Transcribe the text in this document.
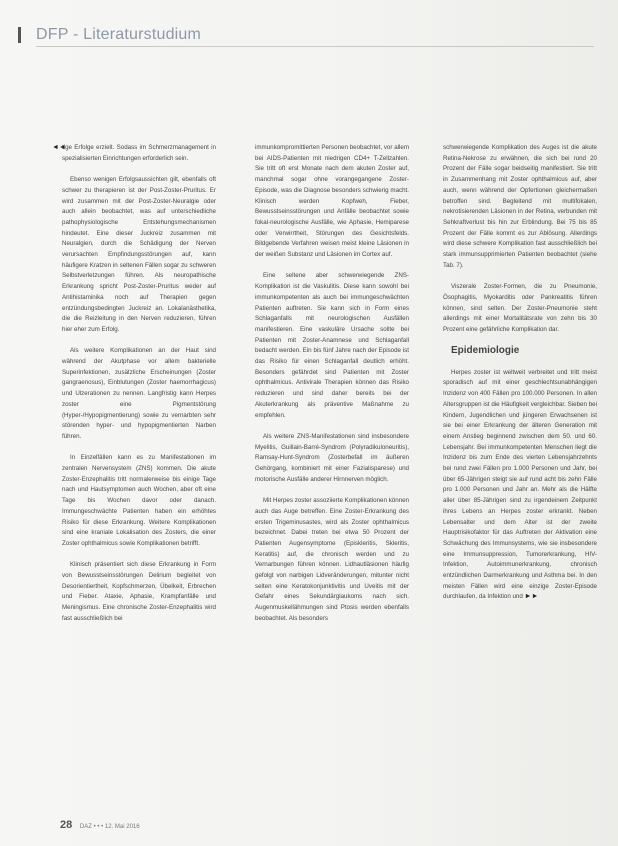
DFP - Literaturstudium
◄◄

tige Erfolge erzielt. Sodass im Schmerzmanagement in spezialisierten Einrichtungen erforderlich sein.

Ebenso wenigen Erfolgsaussichten gilt, ebenfalls oft schwer zu therapieren ist der Post-Zoster-Pruritus. Er wird zusammen mit der Post-Zoster-Neuralgie oder auch allein beobachtet, was auf unterschiedliche pathophysiologische Entstehungsmechanismen hindeutet. Eine dieser Juckreiz zusammen mit Neuralgien, durch die Schädigung der Nerven verursachten Empfindungsstörungen auf, kann häufigere Kratzen in seltenen Fällen sogar zu schweren Selbstverletzungen führen. Als neuropathische Erkrankung spricht Post-Zoster-Pruritus weder auf Antihistaminika noch auf Therapien gegen entzündungsbedingten Juckreiz an. Lokalanästhetika, die die Reizleitung in den Nerven reduzieren, führen hier eher zum Erfolg.

Als weitere Komplikationen an der Haut sind während der Akutphase vor allem bakterielle Superinfektionen, zusätzliche Erscheinungen (Zoster gangraenosus), Einblutungen (Zoster haemorrhagicus) und Ulzerationen zu nennen. Langfristig kann Herpes zoster eine Pigmentstörung (Hyper-/Hypopigmentierung) sowie zu vernarbten sehr störenden hyper- und hypopigmentierten Narben führen.

In Einzelfällen kann es zu Manifestationen im zentralen Nervensystem (ZNS) kommen. Die akute Zoster-Enzephalitis tritt normalerweise bis einige Tage nach und Hautsymptomen auch Wochen, aber oft eine Tage bis Wochen davor oder danach. Immungeschwächte Patienten haben ein erhöhtes Risiko für diese Erkrankung. Weitere Komplikationen sind eine kraniale Lokalisation des Zosters, die einer Zoster ophthalmicus sowie Komplikationen betrifft.

Klinisch präsentiert sich diese Erkrankung in Form von Bewusstseinsstörungen Delirium begleitet von Desorientiertheit, Kopfschmerzen, Übelkeit, Erbrechen und Fieber. Ataxie, Aphasie, Krampfanfälle und Meningismus. Eine chronische Zoster-Enzephalitis wird fast ausschließlich bei

immunkompromittierten Personen beobachtet, vor allem bei AIDS-Patienten mit niedrigen CD4+ T-Zellzahlen. Sie tritt oft erst Monate nach dem akuten Zoster auf, manchmal sogar ohne vorangegangene Zoster-Episode, was die Diagnose besonders schwierig macht. Klinisch werden Kopfweh, Fieber, Bewusstseinsstörungen und Anfälle beobachtet sowie fokal-neurologische Ausfälle, wie Aphasie, Hemiparese oder Verwirrtheit, Störungen des Gesichtsfelds. Bildgebende Verfahren weisen meist kleine Läsionen in der weißen Substanz und Läsionen im Cortex auf.

Eine seltene aber schwerwiegende ZNS-Komplikation ist die Vaskulitis. Diese kann sowohl bei immunkompetenten als auch bei immungeschwächten Patienten auftreten. Sie kann sich in Form eines Schlaganfalls mit neurologischen Ausfällen manifestieren. Eine vaskuläre Ursache sollte bei Patienten mit Zoster-Anamnese und Schlaganfall bedacht werden. Ein bis fünf Jahre nach der Episode ist das Risiko für einen Schlaganfall deutlich erhöht. Besonders gefährdet sind Patienten mit Zoster ophthalmicus. Antivirale Therapien können das Risiko reduzieren und sind daher bereits bei der Akuterkrankung als präventive Maßnahme zu empfehlen.

Als weitere ZNS-Manifestationen sind insbesondere Myelitis, Guillain-Barré-Syndrom (Polyradikuloneuritis), Ramsay-Hunt-Syndrom (Zosterbefall im äußeren Gehörgang, kombiniert mit einer Fazialisparese) und motorische Ausfälle anderer Hirnnerven möglich.

Mit Herpes zoster assoziierte Komplikationen können auch das Auge betreffen. Eine Zoster-Erkrankung des ersten Trigeminusastes, wird als Zoster ophthalmicus bezeichnet. Dabei treten bei etwa 50 Prozent der Patienten Augensymptome (Episkleritis, Skleritis, Keratitis) auf, die chronisch werden und zu Vernarbungen führen können. Lidhautläsionen häufig gefolgt von narbigen Lidveränderungen, mitunter nicht selten eine Keratokonjunktivitis und Uveitis mit der Gefahr eines Sekundärglaukoms nach sich. Augenmuskellähmungen sind Ptosis werden ebenfalls beobachtet. Als besonders

schwerwiegende Komplikation des Auges ist die akute Retina-Nekrose zu erwähnen, die sich bei rund 20 Prozent der Fälle sogar beidseitig manifestiert. Sie tritt in Zusammenhang mit Zoster ophthalmicus auf, aber auch, wenn während der Opfertionen gleichermaßen betroffen sind. Begleitend mit multifokalen, nekrotisierenden Läsionen in der Retina, verbunden mit Sehkraftverlust bis hin zur Erblindung. Bei 75 bis 85 Prozent der Fälle kommt es zur Ablösung. Allerdings wird diese schwere Komplikation fast ausschließlich bei stark immunsupprimierten Patienten beobachtet (siehe Tab. 7).

Viszerale Zoster-Formen, die zu Pneumonie, Ösophagitis, Myokarditis oder Pankreatitis führen können, sind selten. Der Zoster-Pneumonie steht allerdings mit einer Mortalitätsrate von zehn bis 30 Prozent eine gefährliche Komplikation dar.

Epidemiologie

Herpes zoster ist weltweit verbreitet und tritt meist sporadisch auf mit einer geschlechtsunabhängigen Inzidenz von 400 Fällen pro 100.000 Personen. In allen Altersgruppen ist die Häufigkeit vergleichbar. Sieben bei Kindern, Jugendlichen und jüngeren Erwachsenen ist sie bei einer Erkrankung der älteren Generation mit einem Anstieg beginnend zwischen dem 50. und 60. Lebensjahr. Bei immunkompetenten Menschen liegt die Inzidenz bis zum Ende des vierten Lebensjahrzehnts bei rund zwei Fällen pro 1.000 Personen und Jahr, bei über 65-Jährigen steigt sie auf rund acht bis zehn Fälle pro 1.000 Personen und Jahr an. Mehr als die Hälfte aller über 85-Jährigen sind zu irgendeinem Zeitpunkt ihres Lebens an Herpes zoster erkrankt. Neben Lebensalter und dem Alter ist der zweite Hauptrisikofaktor für das Auftreten der Aktivation eine Schwächung des Immunsystems, wie sie insbesondere eine Immunsuppression, Tumorerkrankung, HIV-Infektion, Autoimmunerkrankung, chronisch entzündlichen Darmerkrankung und Asthma bei. In den meisten Fällen wird eine einzige Zoster-Episode durchlaufen, da Infektion und ►►

28 DAZ • • • 12. Mai 2016
